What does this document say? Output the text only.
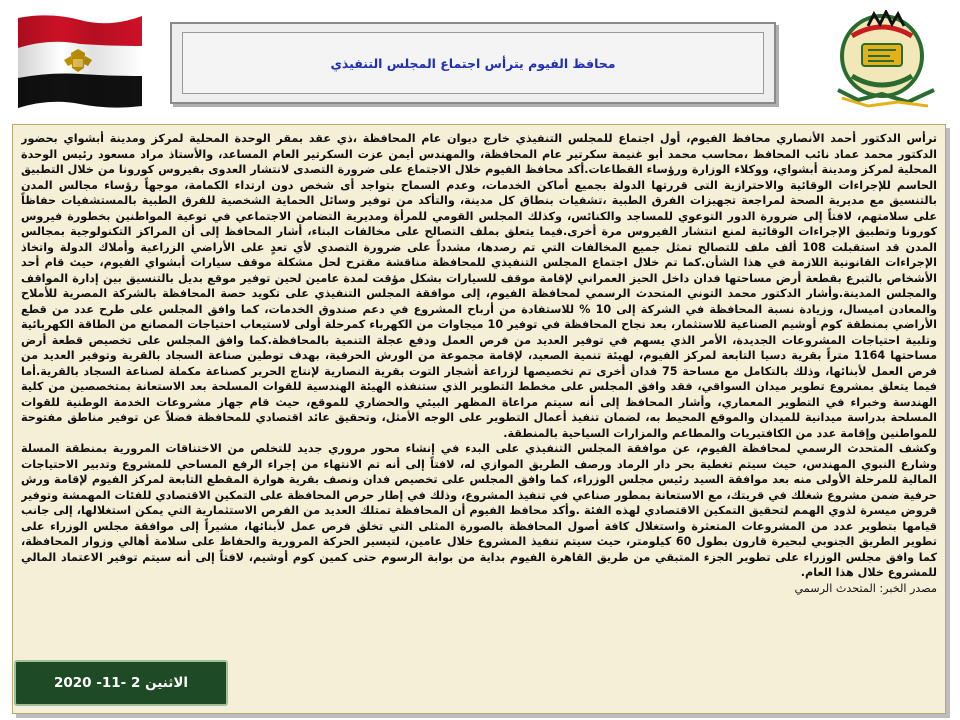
محافظ الفيوم يترأس اجتماع المجلس التنفيذي
ترأس الدكتور أحمد الأنصاري محافظ الفيوم، أول اجتماع للمجلس التنفيذي خارج ديوان عام المحافظة ،ذي عقد بمقر الوحدة المحلية لمركز ومدينة أبشواي بحضور الدكتور محمد عماد نائب المحافظ ،محاسب محمد أبو غنيمة سكرتير عام المحافظة، والمهندس أيمن عزت السكرتير العام المساعد، والأستاذ مراد مسعود رئيس الوحدة المحلية لمركز ومدينة أبشواي، ووكلاء الوزارة ورؤساء القطاعات.أكد محافظ الفيوم خلال الاجتماع على ضرورة التصدى لانتشار العدوى بفيروس كورونا من خلال التطبيق الحاسم للإجراءات الوقائية والاحترازية التى قررتها الدولة بجميع أماكن الخدمات، وعدم السماح بتواجد أى شخص دون ارتداء الكمامة، موجهاً رؤساء مجالس المدن بالتنسيق مع مديرية الصحة لمراجعة تجهيزات الفرق الطبية ،تشفيات بنطاق كل مدينة، والتأكد من توفير وسائل الحماية الشخصية للفرق الطبية بالمستشفيات حفاظاً على سلامتهم، لافتاً إلى ضرورة الدور التوعوي للمساجد والكنائس، وكذلك المجلس القومي للمرأة ومديرية التضامن الاجتماعي في توعية المواطنين بخطورة فيروس كورونا وتطبيق الإجراءات الوقائية لمنع انتشار الفيروس مرة أخرى.فيما يتعلق بملف التصالح على مخالفات البناء، أشار المحافظ إلى أن المراكز التكنولوجية بمجالس المدن قد استقبلت 108 ألف ملف للتصالح تمثل جميع المخالفات التي تم رصدها، مشدداً على ضرورة التصدي لأي تعدٍ على الأراضي الزراعية وأملاك الدولة واتخاذ الإجراءات القانونية اللازمة في هذا الشأن.كما تم خلال اجتماع المجلس التنفيذي للمحافظة مناقشة مقترح لحل مشكلة موقف سيارات أبشواي الفيوم، حيث قام أحد الأشخاص بالتبرع بقطعة أرض مساحتها فدان داخل الحيز العمراني لإقامة موقف للسيارات بشكل مؤقت لمدة عامين لحين توفير موقع بديل بالتنسيق بين إدارة المواقف والمجلس المدينة.وأشار الدكتور محمد التوني المتحدث الرسمي لمحافظة الفيوم، إلى موافقة المجلس التنفيذي على تكويد حصة المحافظة بالشركة المصرية للأملاح والمعادن اميسال، وزيادة نسبة المحافظة في الشركة إلى 10 % للاستفادة من أرباح المشروع في دعم صندوق الخدمات، كما وافق المجلس على طرح عدد من قطع الأراضي بمنطقة كوم أوشيم الصناعية للاستثمار، بعد نجاح المحافظة في توفير 10 ميجاوات من الكهرباء كمرحلة أولى لاستيعاب احتياجات المصانع من الطاقة الكهربائية وتلبية احتياجات المشروعات الجديدة، الأمر الذي يسهم في توفير العديد من فرص العمل ودفع عجلة التنمية بالمحافظة.كما وافق المجلس على تخصيص قطعة أرض مساحتها 1164 متراً بقرية دسيا التابعة لمركز الفيوم، لهيئة تنمية الصعيد، لإقامة مجموعة من الورش الحرفية، بهدف توطين صناعة السجاد بالقرية وتوفير العديد من فرص العمل لأبنائها، وذلك بالتكامل مع مساحة 75 فدان أخرى تم تخصيصها لزراعة أشجار التوت بقرية النصارية لإنتاج الحرير كصناعة مكملة لصناعة السجاد بالقرية.أما فيما يتعلق بمشروع تطوير ميدان السواقي، فقد وافق المجلس على مخطط التطوير الذي ستنفذه الهيئة الهندسية للقوات المسلحة بعد الاستعانة بمتخصصين من كلية الهندسة وخبراء في التطوير المعماري، وأشار المحافظ إلى أنه سيتم مراعاة المظهر البيئي والحضاري للموقع، حيث قام جهاز مشروعات الخدمة الوطنية للقوات المسلحة بدراسة ميدانية للميدان والموقع المحيط به، لضمان تنفيذ أعمال التطوير على الوجه الأمثل، وتحقيق عائد اقتصادي للمحافظة فضلاً عن توفير مناطق مفتوحة للمواطنين وإقامة عدد من الكافتيريات والمطاعم والمزارات السياحية بالمنطقة.
وكشف المتحدث الرسمي لمحافظة الفيوم، عن موافقة المجلس التنفيذي على البدء في إنشاء محور مروري جديد للتخلص من الاختناقات المرورية بمنطقة المسلة وشارع النبوي المهندس، حيث سيتم تغطية بحر دار الرماد ورصف الطريق الموازي له، لافتاً إلى أنه تم الانتهاء من إجراء الرفع المساحي للمشروع وتدبير الاحتياجات المالية للمرحلة الأولى منه بعد موافقة السيد رئيس مجلس الوزراء، كما وافق المجلس على تخصيص فدان ونصف بقرية هوارة المقطع التابعة لمركز الفيوم لإقامة ورش حرفية ضمن مشروع شغلك في قريتك، مع الاستعانة بمطور صناعي في تنفيذ المشروع، وذلك في إطار حرص المحافظة على التمكين الاقتصادي للفئات المهمشة وتوفير قروض ميسرة لذوي الهمم لتحقيق التمكين الاقتصادي لهذه الفئة .وأكد محافظ الفيوم أن المحافظة تمتلك العديد من الفرص الاستثمارية التي يمكن استغلالها، إلى جانب قيامها بتطوير عدد من المشروعات المتعثرة واستغلال كافة أصول المحافظة بالصورة المثلى التي تخلق فرص عمل لأبنائها، مشيراً إلى موافقة مجلس الوزراء على تطوير الطريق الجنوبي لبحيرة قارون بطول 60 كيلومتر، حيث سيتم تنفيذ المشروع خلال عامين، لتيسير الحركة المرورية والحفاظ على سلامة أهالي وزوار المحافظة، كما وافق مجلس الوزراء على تطوير الجزء المتبقي من طريق القاهرة الفيوم بداية من بوابة الرسوم حتى كمين كوم أوشيم، لافتاً إلى أنه سيتم توفير الاعتماد المالي للمشروع خلال هذا العام.
مصدر الخبر: المتحدث الرسمي
الاثنين 2 -11- 2020
